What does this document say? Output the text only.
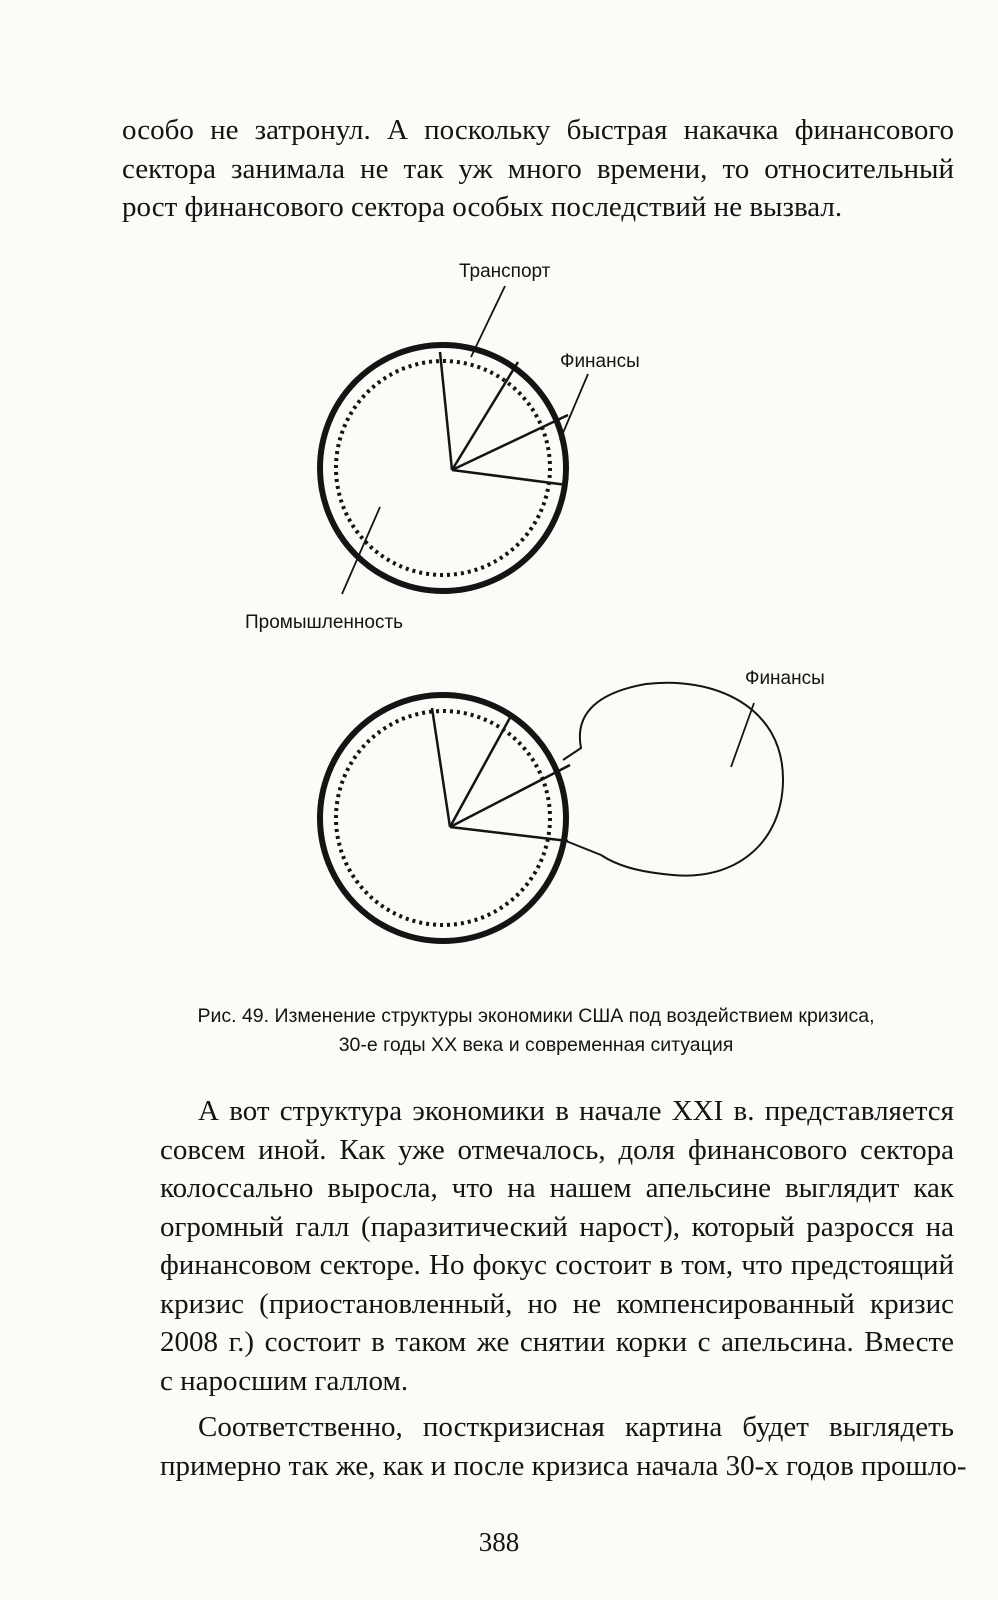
особо не затронул. А поскольку быстрая накачка финансового
сектора занимала не так уж много времени, то относительный
рост финансового сектора особых последствий не вызвал.
Транспорт
Финансы
Промышленность
Финансы
Рис. 49. Изменение структуры экономики США под воздействием кризиса,
30-е годы XX века и современная ситуация
А вот структура экономики в начале XXI в. представляется
совсем иной. Как уже отмечалось, доля финансового сектора
колоссально выросла, что на нашем апельсине выглядит как
огромный галл (паразитический нарост), который разросся на
финансовом секторе. Но фокус состоит в том, что предстоящий
кризис (приостановленный, но не компенсированный кризис
2008 г.) состоит в таком же снятии корки с апельсина. Вместе
с наросшим галлом.
Соответственно, посткризисная картина будет выглядеть
примерно так же, как и после кризиса начала 30-х годов прошло-
388
